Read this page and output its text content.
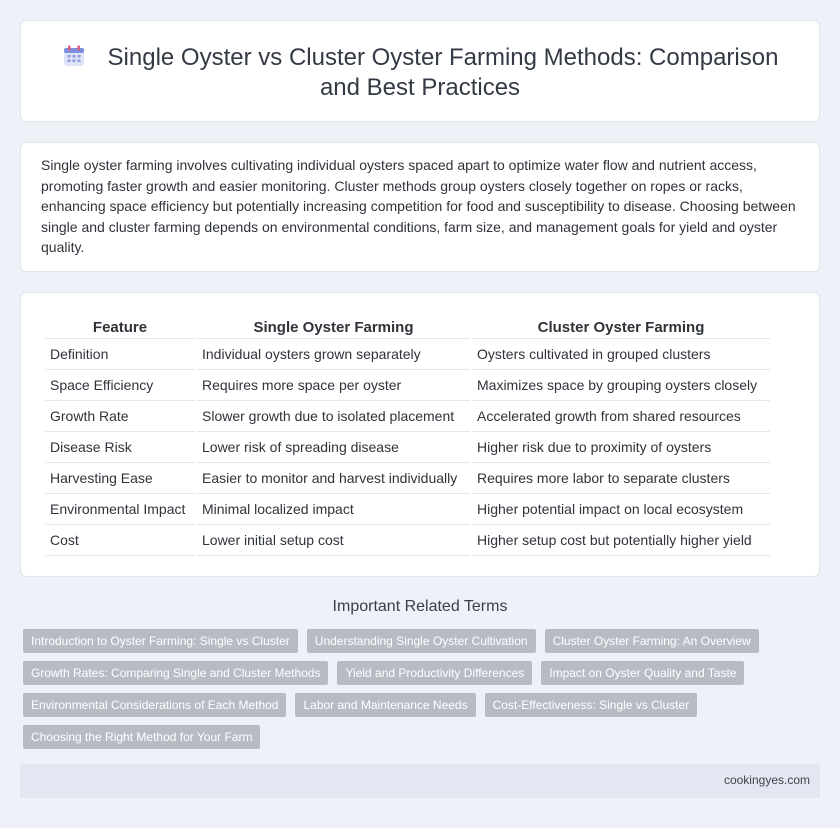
Single Oyster vs Cluster Oyster Farming Methods: Comparison and Best Practices

Single oyster farming involves cultivating individual oysters spaced apart to optimize water flow and nutrient access, promoting faster growth and easier monitoring. Cluster methods group oysters closely together on ropes or racks, enhancing space efficiency but potentially increasing competition for food and susceptibility to disease. Choosing between single and cluster farming depends on environmental conditions, farm size, and management goals for yield and oyster quality.

Feature	Single Oyster Farming	Cluster Oyster Farming
Definition	Individual oysters grown separately	Oysters cultivated in grouped clusters
Space Efficiency	Requires more space per oyster	Maximizes space by grouping oysters closely
Growth Rate	Slower growth due to isolated placement	Accelerated growth from shared resources
Disease Risk	Lower risk of spreading disease	Higher risk due to proximity of oysters
Harvesting Ease	Easier to monitor and harvest individually	Requires more labor to separate clusters
Environmental Impact	Minimal localized impact	Higher potential impact on local ecosystem
Cost	Lower initial setup cost	Higher setup cost but potentially higher yield
Important Related Terms
Introduction to Oyster Farming: Single vs Cluster	Understanding Single Oyster Cultivation	Cluster Oyster Farming: An Overview
Growth Rates: Comparing Single and Cluster Methods	Yield and Productivity Differences	Impact on Oyster Quality and Taste
Environmental Considerations of Each Method	Labor and Maintenance Needs	Cost-Effectiveness: Single vs Cluster
Choosing the Right Method for Your Farm
cookingyes.com
